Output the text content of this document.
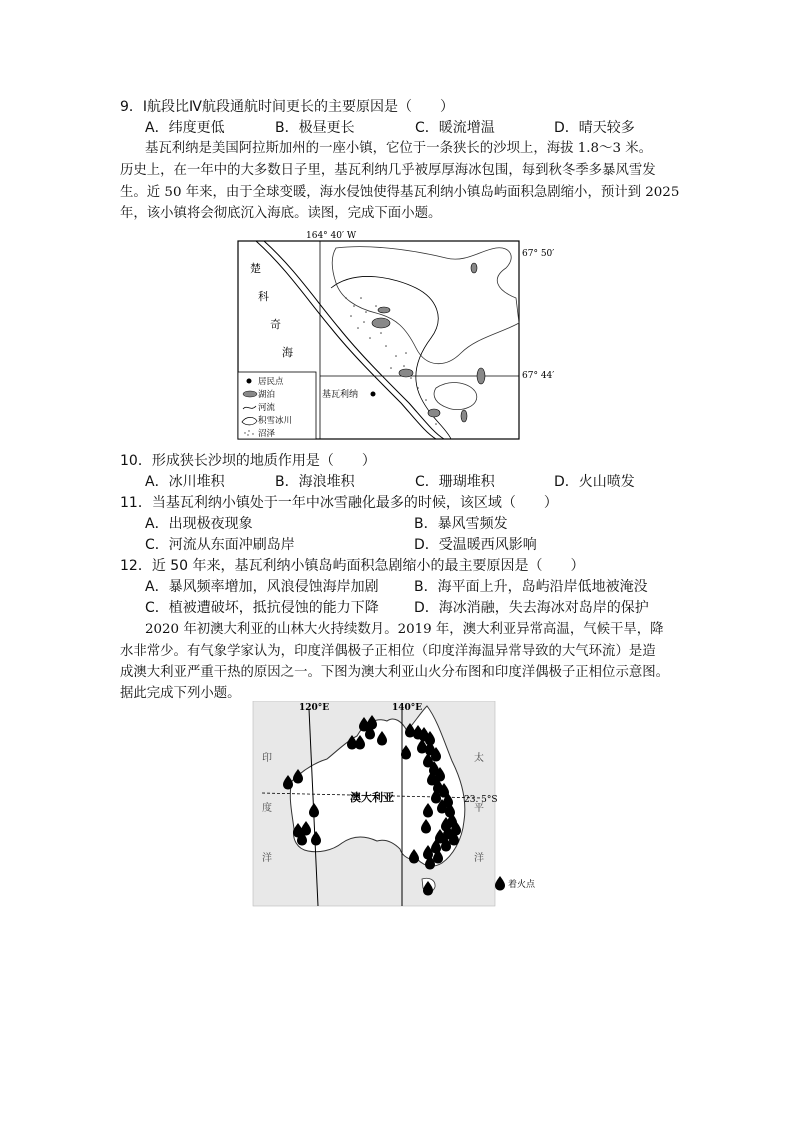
9．Ⅰ航段比Ⅳ航段通航时间更长的主要原因是（　　）
A．纬度更低	B．极昼更长	C．暖流增温	D．晴天较多
基瓦利纳是美国阿拉斯加州的一座小镇，它位于一条狭长的沙坝上，海拔 1.8～3 米。
历史上，在一年中的大多数日子里，基瓦利纳几乎被厚厚海冰包围，每到秋冬季多暴风雪发
生。近 50 年来，由于全球变暖，海水侵蚀使得基瓦利纳小镇岛屿面积急剧缩小，预计到 2025
年，该小镇将会彻底沉入海底。读图，完成下面小题。
164° 40′ W
67° 50′
67° 44′
楚
科
奇
海
基瓦利纳
居民点
湖泊
河流
积雪冰川
沼泽
10．形成狭长沙坝的地质作用是（　　）
A．冰川堆积	B．海浪堆积	C．珊瑚堆积	D．火山喷发
11．当基瓦利纳小镇处于一年中冰雪融化最多的时候，该区域（　　）
A．出现极夜现象	B．暴风雪频发
C．河流从东面冲刷岛岸	D．受温暖西风影响
12．近 50 年来，基瓦利纳小镇岛屿面积急剧缩小的最主要原因是（　　）
A．暴风频率增加，风浪侵蚀海岸加剧	B．海平面上升，岛屿沿岸低地被淹没
C．植被遭破坏，抵抗侵蚀的能力下降	D．海冰消融，失去海冰对岛岸的保护
2020 年初澳大利亚的山林大火持续数月。2019 年，澳大利亚异常高温，气候干旱，降
水非常少。有气象学家认为，印度洋偶极子正相位（印度洋海温异常导致的大气环流）是造
成澳大利亚严重干热的原因之一。下图为澳大利亚山火分布图和印度洋偶极子正相位示意图。
据此完成下列小题。
120°E	140°E
23. 5°S
澳大利亚
印
度
洋
太
平
洋
着火点
